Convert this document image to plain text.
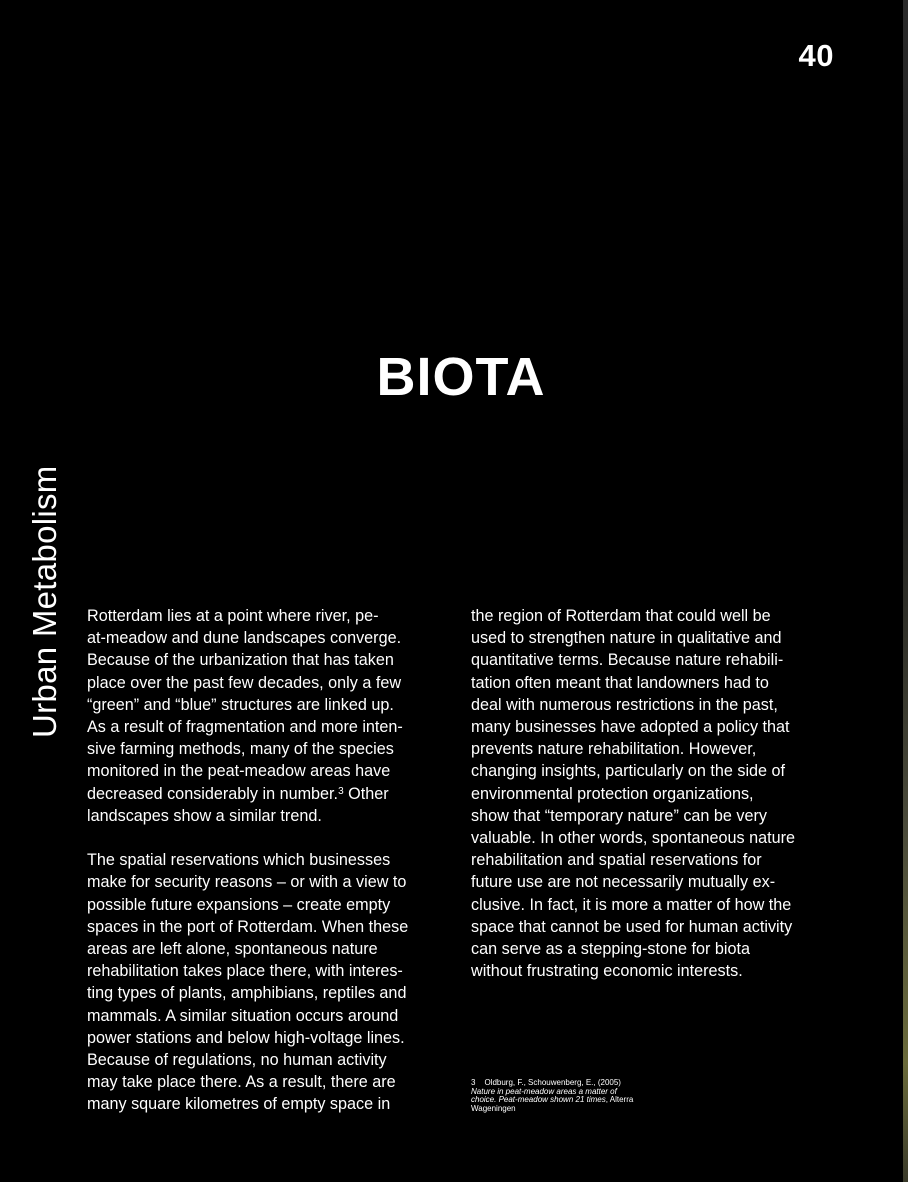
40
BIOTA
Urban Metabolism Rotterdam lies at a point where river, pe-
at-meadow and dune landscapes converge.
Because of the urbanization that has taken
place over the past few decades, only a few
“green” and “blue” structures are linked up.
As a result of fragmentation and more inten-
sive farming methods, many of the species
monitored in the peat-meadow areas have
decreased considerably in number.$^3$ Other
landscapes show a similar trend.
The spatial reservations which businesses
make for security reasons – or with a view to
possible future expansions – create empty
spaces in the port of Rotterdam. When these
areas are left alone, spontaneous nature
rehabilitation takes place there, with interes-
ting types of plants, amphibians, reptiles and
mammals. A similar situation occurs around
power stations and below high-voltage lines.
Because of regulations, no human activity
may take place there. As a result, there are
many square kilometres of empty space in
the region of Rotterdam that could well be
used to strengthen nature in qualitative and
quantitative terms. Because nature rehabili-
tation often meant that landowners had to
deal with numerous restrictions in the past,
many businesses have adopted a policy that
prevents nature rehabilitation. However,
changing insights, particularly on the side of
environmental protection organizations,
show that “temporary nature” can be very
valuable. In other words, spontaneous nature
rehabilitation and spatial reservations for
future use are not necessarily mutually ex-
clusive. In fact, it is more a matter of how the
space that cannot be used for human activity
can serve as a stepping-stone for biota
without frustrating economic interests.
3 Oldburg, F., Schouwenberg, E., (2005)
Nature in peat-meadow areas a matter of
choice. Peat-meadow shown 21 times, Alterra
Wageningen
